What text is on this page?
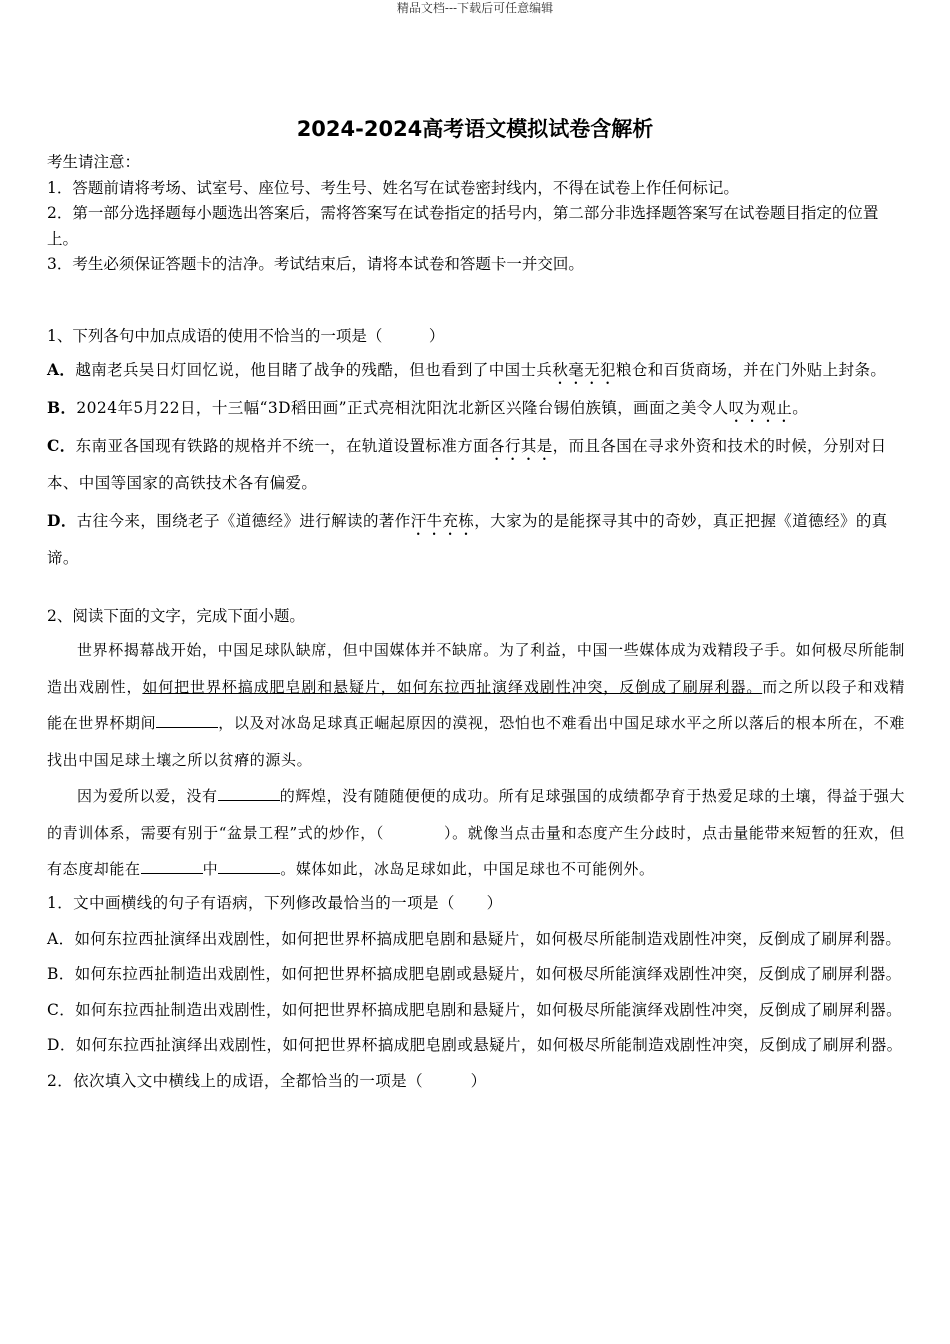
精品文档---下载后可任意编辑
2024-2024高考语文模拟试卷含解析

考生请注意：

1．答题前请将考场、试室号、座位号、考生号、姓名写在试卷密封线内，不得在试卷上作任何标记。

2．第一部分选择题每小题选出答案后，需将答案写在试卷指定的括号内，第二部分非选择题答案写在试卷题目指定的位置上。

3．考生必须保证答题卡的洁净。考试结束后，请将本试卷和答题卡一并交回。

1、下列各句中加点成语的使用不恰当的一项是（　　　）

A．越南老兵吴日灯回忆说，他目睹了战争的残酷，但也看到了中国士兵秋毫无犯粮仓和百货商场，并在门外贴上封条。

B．2024年5月22日，十三幅“3D稻田画”正式亮相沈阳沈北新区兴隆台锡伯族镇，画面之美令人叹为观止。

C．东南亚各国现有铁路的规格并不统一，在轨道设置标准方面各行其是，而且各国在寻求外资和技术的时候，分别对日本、中国等国家的高铁技术各有偏爱。

D．古往今来，围绕老子《道德经》进行解读的著作汗牛充栋，大家为的是能探寻其中的奇妙，真正把握《道德经》的真谛。

2、阅读下面的文字，完成下面小题。

世界杯揭幕战开始，中国足球队缺席，但中国媒体并不缺席。为了利益，中国一些媒体成为戏精段子手。如何极尽所能制造出戏剧性，如何把世界杯搞成肥皂剧和悬疑片，如何东拉西扯演绎戏剧性冲突，反倒成了刷屏利器。而之所以段子和戏精能在世界杯期间	，以及对冰岛足球真正崛起原因的漠视，恐怕也不难看出中国足球水平之所以落后的根本所在，不难找出中国足球土壤之所以贫瘠的源头。

因为爱所以爱，没有	的辉煌，没有随随便便的成功。所有足球强国的成绩都孕育于热爱足球的土壤，得益于强大的青训体系，需要有别于“盆景工程”式的炒作，（	）。就像当点击量和态度产生分歧时，点击量能带来短暂的狂欢，但有态度却能在	中	。媒体如此，冰岛足球如此，中国足球也不可能例外。

1．文中画横线的句子有语病，下列修改最恰当的一项是（　　）

A．如何东拉西扯演绎出戏剧性，如何把世界杯搞成肥皂剧和悬疑片，如何极尽所能制造戏剧性冲突，反倒成了刷屏利器。

B．如何东拉西扯制造出戏剧性，如何把世界杯搞成肥皂剧或悬疑片，如何极尽所能演绎戏剧性冲突，反倒成了刷屏利器。

C．如何东拉西扯制造出戏剧性，如何把世界杯搞成肥皂剧和悬疑片，如何极尽所能演绎戏剧性冲突，反倒成了刷屏利器。

D．如何东拉西扯演绎出戏剧性，如何把世界杯搞成肥皂剧或悬疑片，如何极尽所能制造戏剧性冲突，反倒成了刷屏利器。

2．依次填入文中横线上的成语，全都恰当的一项是（　　　）
